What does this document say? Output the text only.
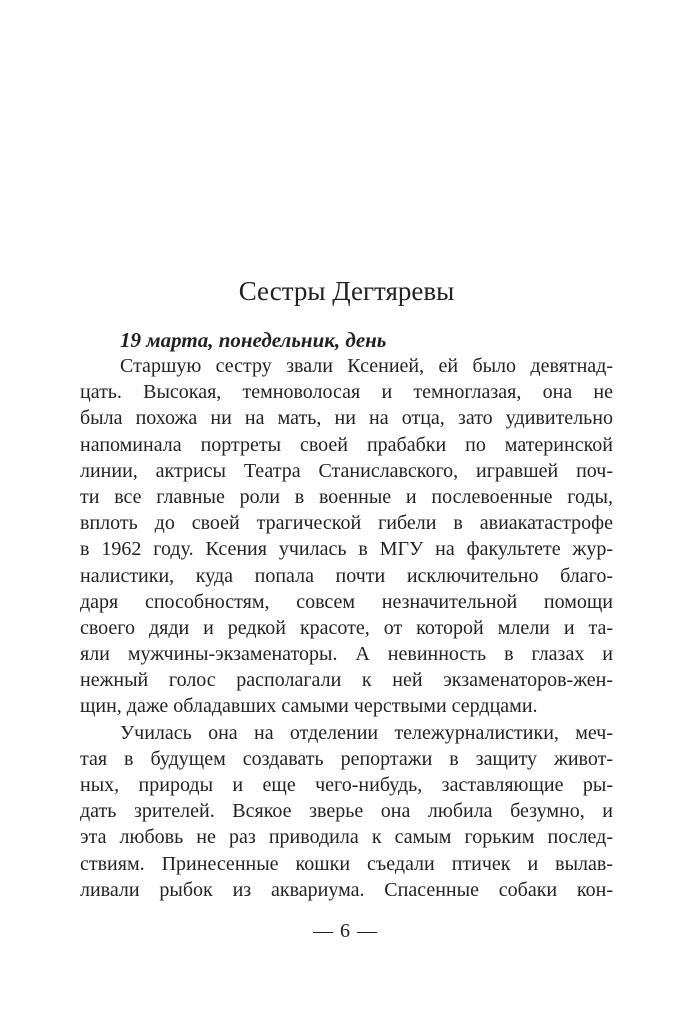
Сестры Дегтяревы

19 марта, понедельник, день

Старшую сестру звали Ксенией, ей было девятнад-
цать. Высокая, темноволосая и темноглазая, она не
была похожа ни на мать, ни на отца, зато удивительно
напоминала портреты своей прабабки по материнской
линии, актрисы Театра Станиславского, игравшей поч-
ти все главные роли в военные и послевоенные годы,
вплоть до своей трагической гибели в авиакатастрофе
в 1962 году. Ксения училась в МГУ на факультете жур-
налистики, куда попала почти исключительно благо-
даря способностям, совсем незначительной помощи
своего дяди и редкой красоте, от которой млели и та-
яли мужчины-экзаменаторы. А невинность в глазах и
нежный голос располагали к ней экзаменаторов-жен-
щин, даже обладавших самыми черствыми сердцами.
Училась она на отделении тележурналистики, меч-
тая в будущем создавать репортажи в защиту живот-
ных, природы и еще чего-нибудь, заставляющие ры-
дать зрителей. Всякое зверье она любила безумно, и
эта любовь не раз приводила к самым горьким послед-
ствиям. Принесенные кошки съедали птичек и вылав-
ливали рыбок из аквариума. Спасенные собаки кон-
— 6 —
